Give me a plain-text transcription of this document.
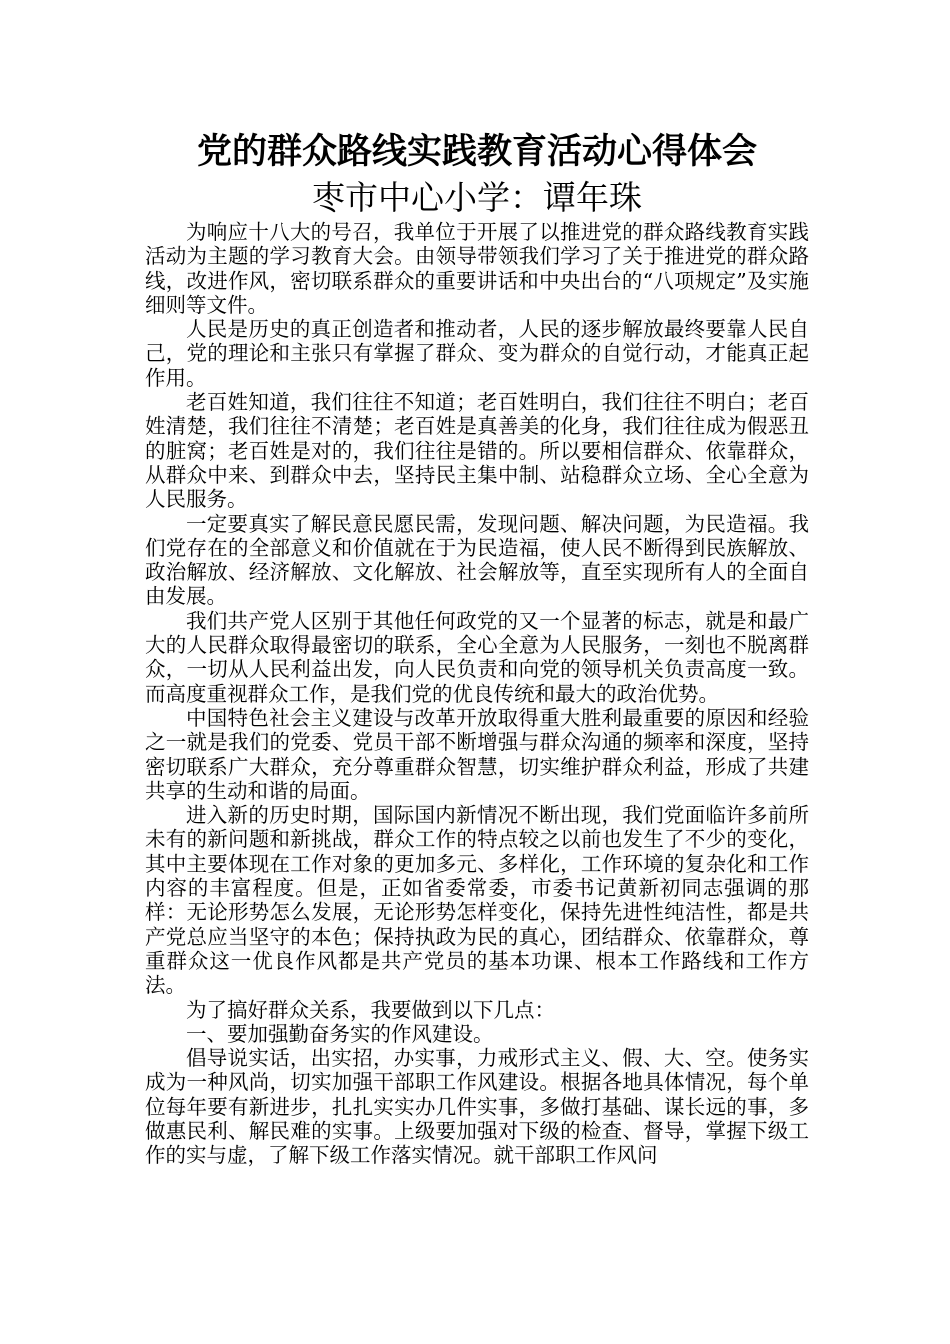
党的群众路线实践教育活动心得体会
枣市中心小学：谭年珠

为响应十八大的号召，我单位于开展了以推进党的群众路线教育实践活动为主题的学习教育大会。由领导带领我们学习了关于推进党的群众路线，改进作风，密切联系群众的重要讲话和中央出台的“八项规定”及实施细则等文件。

人民是历史的真正创造者和推动者，人民的逐步解放最终要靠人民自己，党的理论和主张只有掌握了群众、变为群众的自觉行动，才能真正起作用。

老百姓知道，我们往往不知道；老百姓明白，我们往往不明白；老百姓清楚，我们往往不清楚；老百姓是真善美的化身，我们往往成为假恶丑的脏窝；老百姓是对的，我们往往是错的。所以要相信群众、依靠群众，从群众中来、到群众中去，坚持民主集中制、站稳群众立场、全心全意为人民服务。

一定要真实了解民意民愿民需，发现问题、解决问题，为民造福。我们党存在的全部意义和价值就在于为民造福，使人民不断得到民族解放、政治解放、经济解放、文化解放、社会解放等，直至实现所有人的全面自由发展。

我们共产党人区别于其他任何政党的又一个显著的标志，就是和最广大的人民群众取得最密切的联系，全心全意为人民服务，一刻也不脱离群众，一切从人民利益出发，向人民负责和向党的领导机关负责高度一致。而高度重视群众工作，是我们党的优良传统和最大的政治优势。

中国特色社会主义建设与改革开放取得重大胜利最重要的原因和经验之一就是我们的党委、党员干部不断增强与群众沟通的频率和深度，坚持密切联系广大群众，充分尊重群众智慧，切实维护群众利益，形成了共建共享的生动和谐的局面。

进入新的历史时期，国际国内新情况不断出现，我们党面临许多前所未有的新问题和新挑战，群众工作的特点较之以前也发生了不少的变化，其中主要体现在工作对象的更加多元、多样化，工作环境的复杂化和工作内容的丰富程度。但是，正如省委常委，市委书记黄新初同志强调的那样：无论形势怎么发展，无论形势怎样变化，保持先进性纯洁性，都是共产党总应当坚守的本色；保持执政为民的真心，团结群众、依靠群众，尊重群众这一优良作风都是共产党员的基本功课、根本工作路线和工作方法。

为了搞好群众关系，我要做到以下几点：

一、要加强勤奋务实的作风建设。

倡导说实话，出实招，办实事，力戒形式主义、假、大、空。使务实成为一种风尚，切实加强干部职工作风建设。根据各地具体情况，每个单位每年要有新进步，扎扎实实办几件实事，多做打基础、谋长远的事，多做惠民利、解民难的实事。上级要加强对下级的检查、督导，掌握下级工作的实与虚，了解下级工作落实情况。就干部职工作风问
